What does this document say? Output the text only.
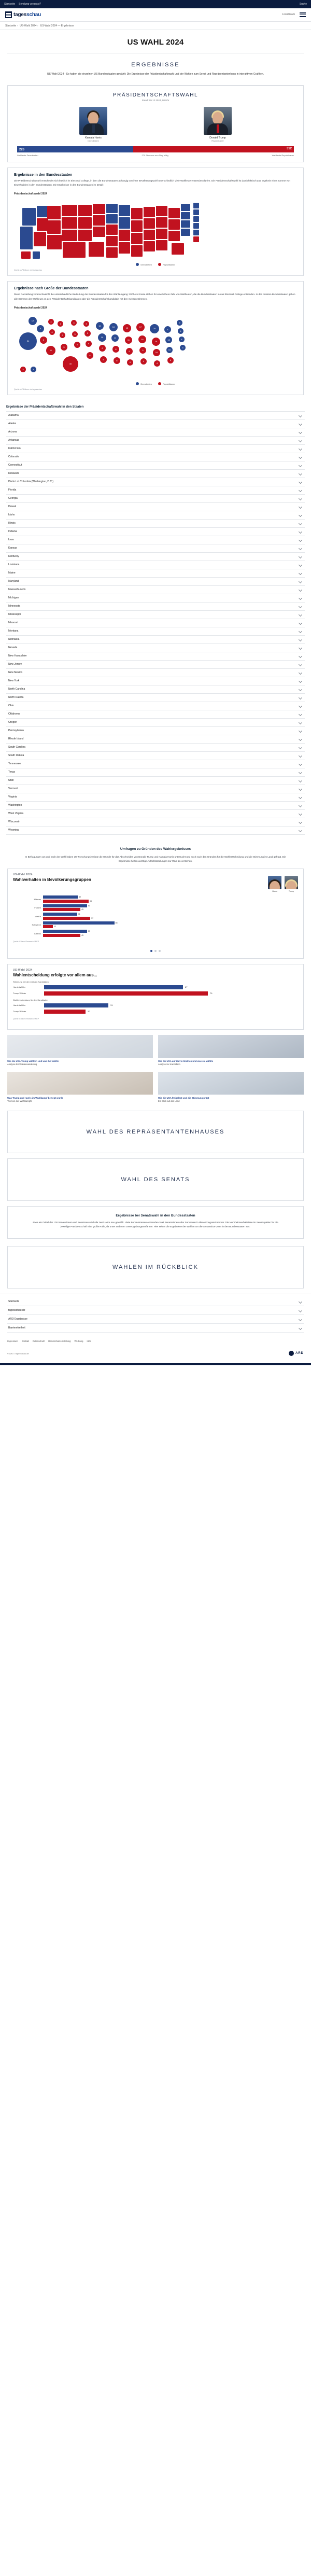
Startseite Sendung verpasst?	Suche
tagesschau	Livestream
Startseite ›	US-Wahl 2024 ›	US-Wahl 2024 — Ergebnisse
US WAHL 2024
ERGEBNISSE
US-Wahl 2024 - So haben die einzelnen US-Bundesstaaten gewählt: Die Ergebnisse der Präsidentschaftswahl und der Wahlen zum Senat und Repräsentantenhaus in interaktiven Grafiken.
PRÄSIDENTSCHAFTSWAHL
Stand: 05.12.2024, 08 Uhr
Kamala Harris
Demokraten
Donald Trump
Republikaner
226	312
Wahlleute Demokraten	270 Stimmen zum Sieg nötig	Wahlleute Republikaner
Ergebnisse in den Bundesstaaten
Die Präsidentschaftswahl entscheidet sich letztlich im Electoral College, in dem die Bundesstaaten abhängig von ihrer Bevölkerungszahl unterschiedlich viele Wahlleute entsenden dürfen. Die Präsidentschaftswahl ist damit faktisch aus Ergebnis einer Summe von Einzelwahlen in den Bundesstaaten. Die Ergebnisse in den Bundesstaaten im Detail:
Präsidentschaftswahl 2024
Demokraten	Republikaner
Quelle: AP/Edison via tagesschau
Ergebnisse nach Größe der Bundesstaaten
Diese Darstellung veranschaulicht die unterschiedliche Bedeutung der Bundesstaaten für den Wahlausgang: Größere Kreise stehen für eine höhere Zahl von Wahlleuten, die die Bundesstaaten in das Electoral College entsenden. In den meisten Bundesstaaten gehen alle Stimmen der Wahlleute an den Präsidentschaftskandidaten oder die Präsidentschaftskandidatin mit den meisten Stimmen.
Präsidentschaftswahl 2024
54
12
8
6
4
4
11
4
3
5
40
3
3
6
3
5
6
8
10
19
6
8
10
11
8
6
15
11
9
6
17
16
9
4
28
19
16
4
4
13
10
6
3
4
4
3
3	4
Demokraten	Republikaner
Quelle: AP/Edison via tagesschau
Ergebnisse der Präsidentschaftswahl in den Staaten
Alabama
Alaska
Arizona
Arkansas
Kalifornien
Colorado
Connecticut
Delaware
District of Columbia (Washington, D.C.)
Florida
Georgia
Hawaii
Idaho
Illinois
Indiana
Iowa
Kansas
Kentucky
Louisiana
Maine
Maryland
Massachusetts
Michigan
Minnesota
Mississippi
Missouri
Montana
Nebraska
Nevada
New Hampshire
New Jersey
New Mexico
New York
North Carolina
North Dakota
Ohio
Oklahoma
Oregon
Pennsylvania
Rhode Island
South Carolina
South Dakota
Tennessee
Texas
Utah
Vermont
Virginia
Washington
West Virginia
Wisconsin
Wyoming
Umfragen zu Gründen des Wahlergebnisses
In Befragungen am und nach der Wahl haben US-Forschungsinstitute die Gründe für das Abschneiden von Donald Trump und Kamala Harris untersucht und auch nach den Gründen für die Wahlentscheidung und die Stimmung im Land gefragt. Die Ergebnisse helfen wichtige Aufschlüsselungen zur Wahl zu verstehen.
US-Wahl 2024
Wahlverhalten in Bevölkerungsgruppen
Harris	Trump
Männer
42
55
Frauen
53
45
Weiße
41
57
Schwarze
86
12
Latinos
53
45
Quelle: Edison Research / NEP
US-Wahl 2024
Wahlentscheidung erfolgte vor allem aus...
Stimmung bei den meisten Kandidaten
Harris Wähler	67
Trump Wähler	79
Wahlentscheidung für den Kandidaten
Harris Wähler	31
Trump Wähler	20
Quelle: Edison Research / NEP
Wie die USA Trump wählten und was ihn wählte
Analyse der Wählerwanderung
Wie die USA auf Harris blickten und was sie wählte
Analyse zur Kandidatin
Was Trump und Harris im Wahlkampf bewegt wurde
Themen des Wahlkampfs
Wie die USA freigelegt und die Stimmung prägt
Ein Blick auf das Land
WAHL DES REPRÄSENTANTENHAUSES
WAHL DES SENATS
Ergebnisse bei Senatswahl in den Bundesstaaten

Etwa ein Drittel der 100 Senatorinnen und Senatoren wird alle zwei Jahre neu gewählt. Viele Bundesstaaten entsenden zwei Senatorinnen oder Senatoren in diese Kongresskammer. Die Mehrheitsverhältnisse im Senat spielen für die jeweilige Präsidentschaft eine große Rolle, da unter anderem Gesetzgebungsverfahren. Hier sehen die Ergebnisse der Wahlen um die Senatssitze 2024 in den Bundesstaaten aus:

WAHLEN IM RÜCKBLICK
Startseite
tagesschau.de
ARD Ergebnisse
Barrierefreiheit
Impressum Kontakt Datenschutz Datenschutzeinstellung Werbung Hilfe
© ARD / tagesschau.de	ARD
